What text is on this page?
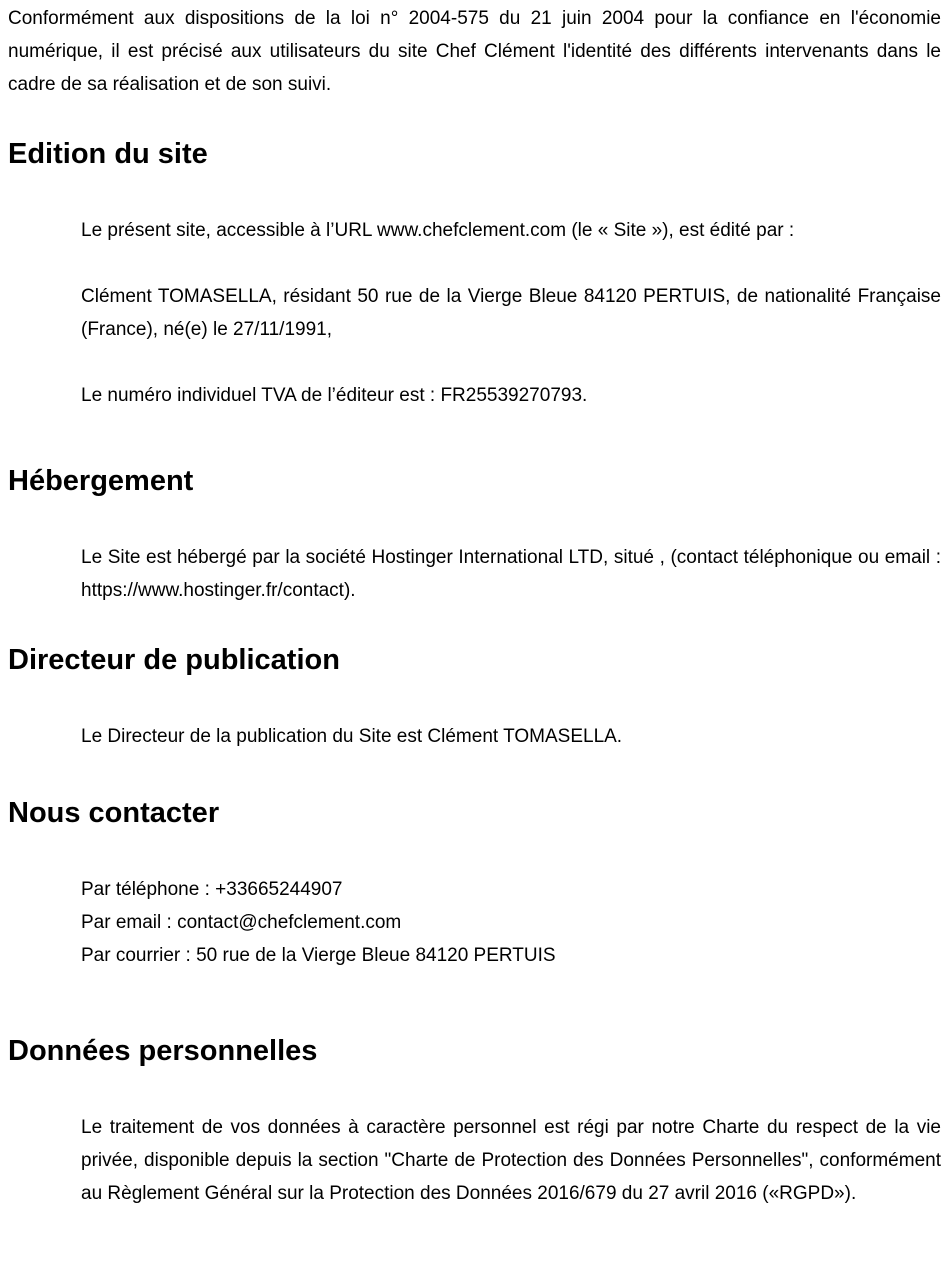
Conformément aux dispositions de la loi n° 2004-575 du 21 juin 2004 pour la confiance en l'économie numérique, il est précisé aux utilisateurs du site Chef Clément l'identité des différents intervenants dans le cadre de sa réalisation et de son suivi.

Edition du site

Le présent site, accessible à l’URL www.chefclement.com (le « Site »), est édité par :

Clément TOMASELLA, résidant 50 rue de la Vierge Bleue 84120 PERTUIS, de nationalité Française (France), né(e) le 27/11/1991,

Le numéro individuel TVA de l’éditeur est : FR25539270793.

Hébergement

Le Site est hébergé par la société Hostinger International LTD, situé , (contact téléphonique ou email : https://www.hostinger.fr/contact).

Directeur de publication

Le Directeur de la publication du Site est Clément TOMASELLA.

Nous contacter
Par téléphone : +33665244907
Par email : contact@chefclement.com
Par courrier : 50 rue de la Vierge Bleue 84120 PERTUIS
Données personnelles

Le traitement de vos données à caractère personnel est régi par notre Charte du respect de la vie privée, disponible depuis la section "Charte de Protection des Données Personnelles", conformément au Règlement Général sur la Protection des Données 2016/679 du 27 avril 2016 («RGPD»).
